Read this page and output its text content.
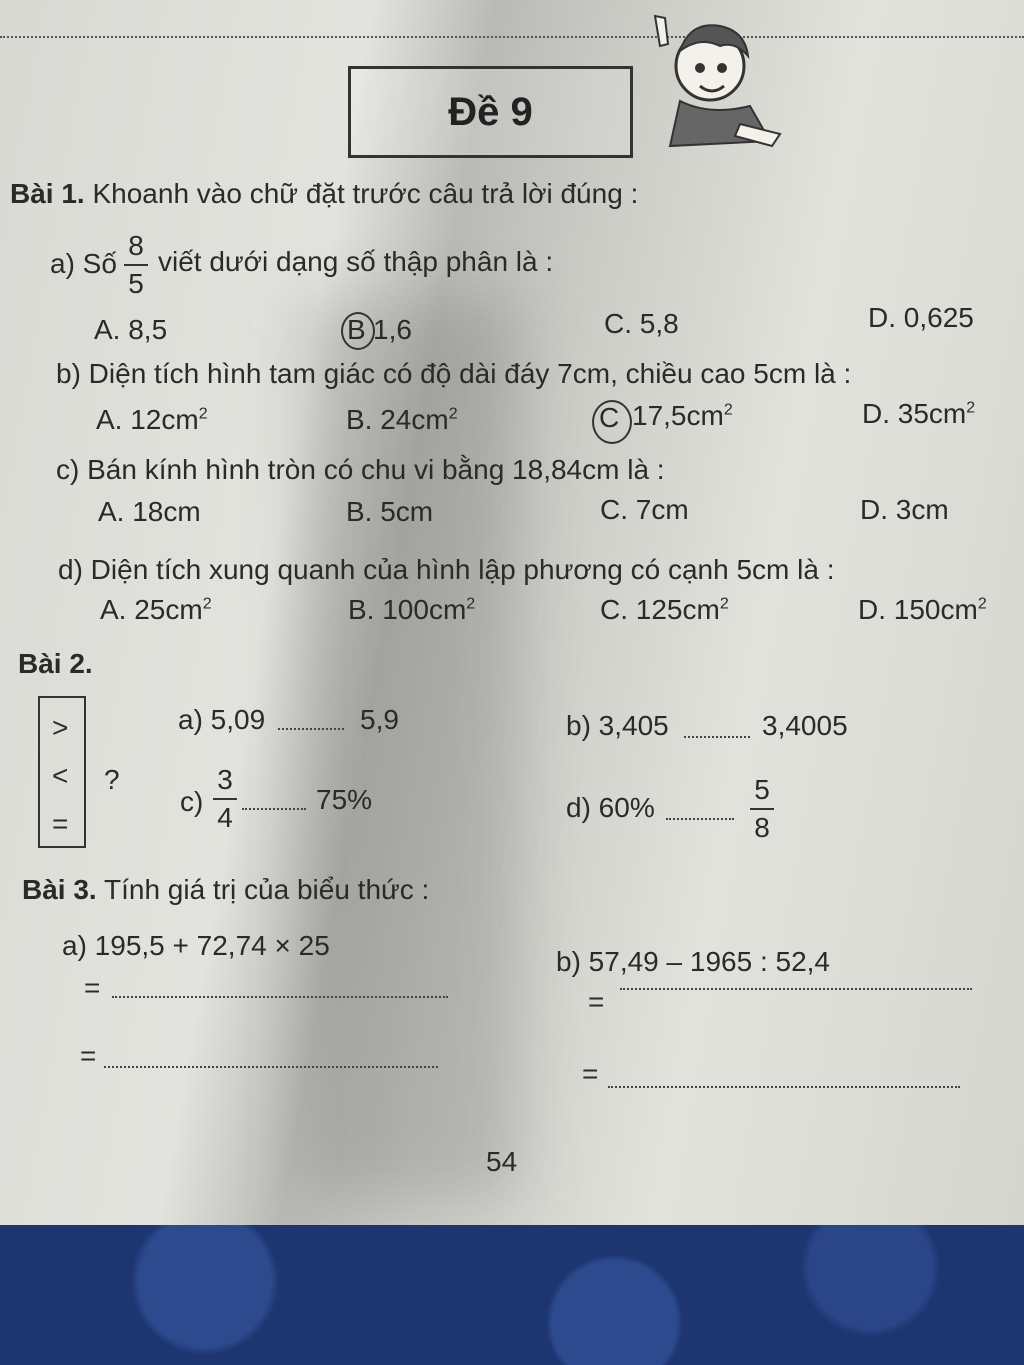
Đề 9
Bài 1. Khoanh vào chữ đặt trước câu trả lời đúng :
a) Số
8
5
viết dưới dạng số thập phân là :
A. 8,5	B 1,6	C. 5,8	D. 0,625
b) Diện tích hình tam giác có độ dài đáy 7cm, chiều cao 5cm là :
A. $12cm^2$	B. $24cm^2$	C $17,5cm^2$	D. $35cm^2$
c) Bán kính hình tròn có chu vi bằng 18,84cm là :
A. 18cm	B. 5cm	C. 7cm	D. 3cm
d) Diện tích xung quanh của hình lập phương có cạnh 5cm là :
A. $25cm^2$	B. $100cm^2$	C. $125cm^2$	D. $150cm^2$
Bài 2.
>
<
=
?
a) 5,09	5,9	b) 3,405	3,4005
c)
3
4
75%	d) 60%
5
8
Bài 3. Tính giá trị của biểu thức :
a) 195,5 + 72,74 × 25
=
=
b) 57,49 – 1965 : 52,4
=
=
54
